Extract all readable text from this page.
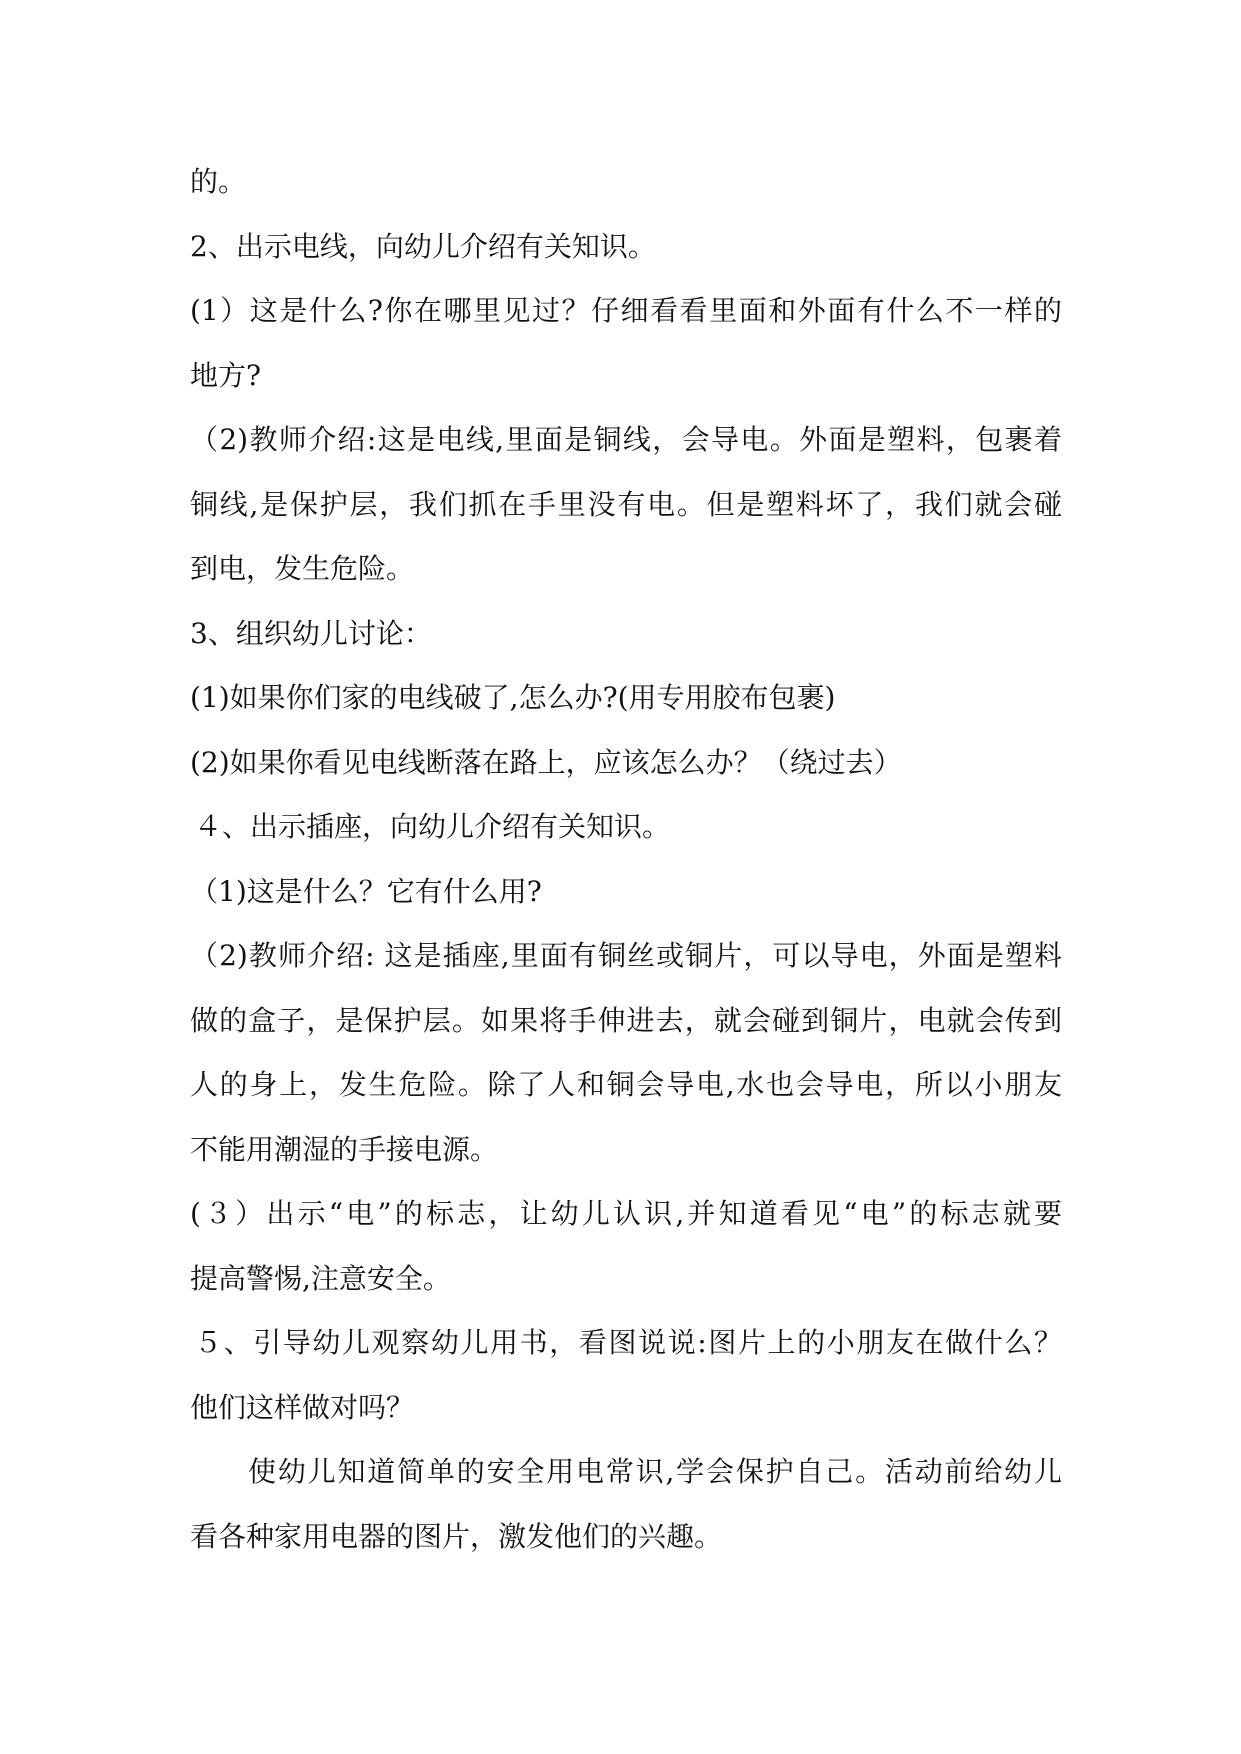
的。
2、出示电线，向幼儿介绍有关知识。
(1）这是什么?你在哪里见过？仔细看看里面和外面有什么不一样的
地方?
（2)教师介绍:这是电线,里面是铜线，会导电。外面是塑料，包裹着
铜线,是保护层，我们抓在手里没有电。但是塑料坏了，我们就会碰
到电，发生危险。
3、组织幼儿讨论：
(1)如果你们家的电线破了,怎么办?(用专用胶布包裹)
(2)如果你看见电线断落在路上，应该怎么办？（绕过去）
４、出示插座，向幼儿介绍有关知识。
（1)这是什么？它有什么用?
（2)教师介绍: 这是插座,里面有铜丝或铜片，可以导电，外面是塑料
做的盒子，是保护层。如果将手伸进去，就会碰到铜片，电就会传到
人的身上，发生危险。除了人和铜会导电,水也会导电，所以小朋友
不能用潮湿的手接电源。
(３）出示“电”的标志，让幼儿认识,并知道看见“电”的标志就要
提高警惕,注意安全。
５、引导幼儿观察幼儿用书，看图说说:图片上的小朋友在做什么？
他们这样做对吗？
使幼儿知道简单的安全用电常识,学会保护自己。活动前给幼儿
看各种家用电器的图片，激发他们的兴趣。
